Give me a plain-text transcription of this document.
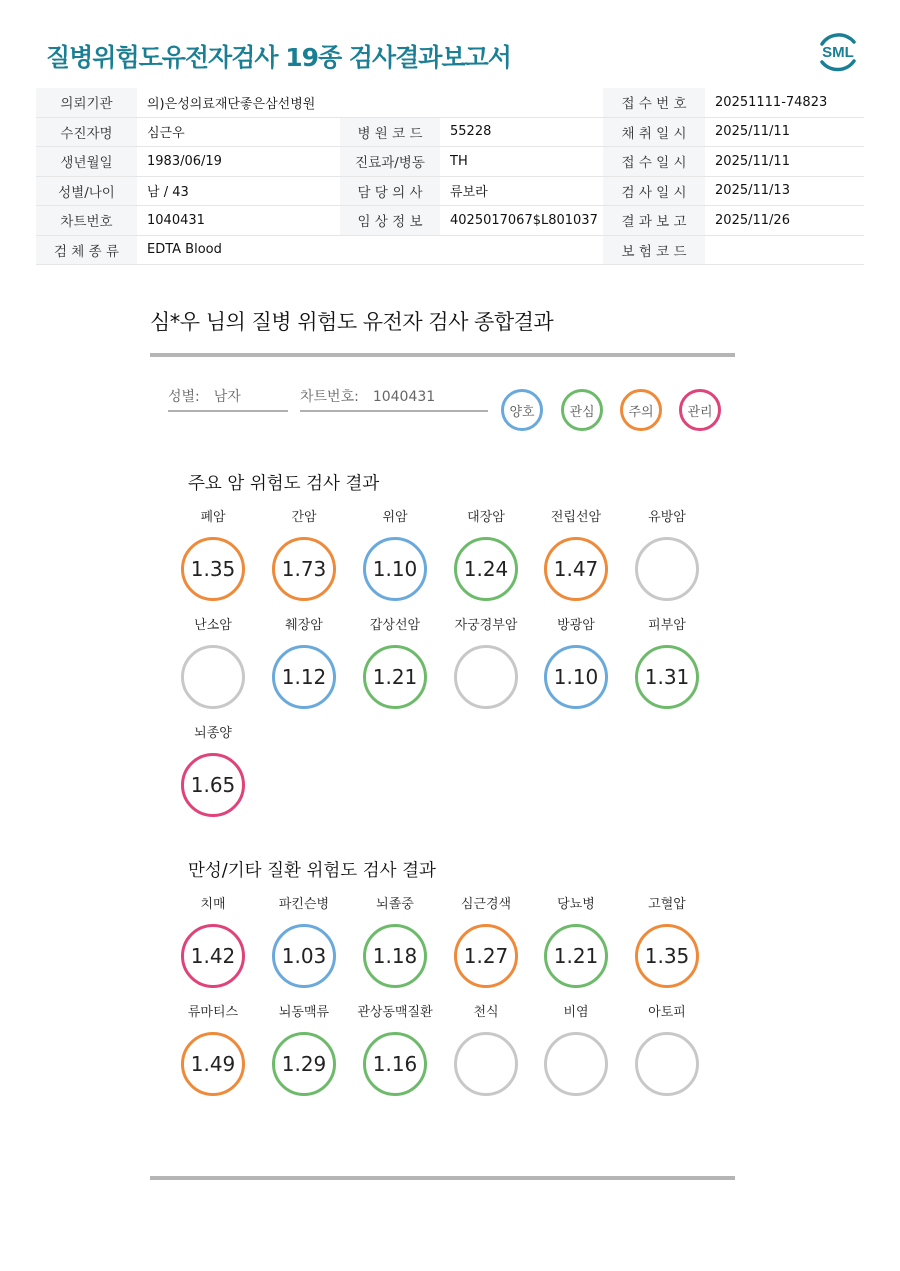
질병위험도유전자검사 19종 검사결과보고서	SML
의뢰기관	의)은성의료재단좋은삼선병원			접 수 번 호	20251111-74823
수진자명	심근우	병 원 코 드	55228	채 취 일 시	2025/11/11
생년월일	1983/06/19	진료과/병동	TH	접 수 일 시	2025/11/11
성별/나이	남 / 43	담 당 의 사	류보라	검 사 일 시	2025/11/13
차트번호	1040431	임 상 정 보	4025017067$L801037	결 과 보 고	2025/11/26
검 체 종 류	EDTA Blood			보 험 코 드	
심*우 님의 질병 위험도 유전자 검사 종합결과
성별: 남자	차트번호: 1040431
양호	관심	주의	관리
주요 암 위험도 검사 결과
폐암
1.35
간암
1.73
위암
1.10
대장암
1.24
전립선암
1.47
유방암
난소암	췌장암
1.12
갑상선암
1.21
자궁경부암	방광암
1.10
피부암
1.31
뇌종양
1.65
만성/기타 질환 위험도 검사 결과
치매
1.42
파킨슨병
1.03
뇌졸중
1.18
심근경색
1.27
당뇨병
1.21
고혈압
1.35
류마티스
1.49
뇌동맥류
1.29
관상동맥질환
1.16
천식	비염	아토피
